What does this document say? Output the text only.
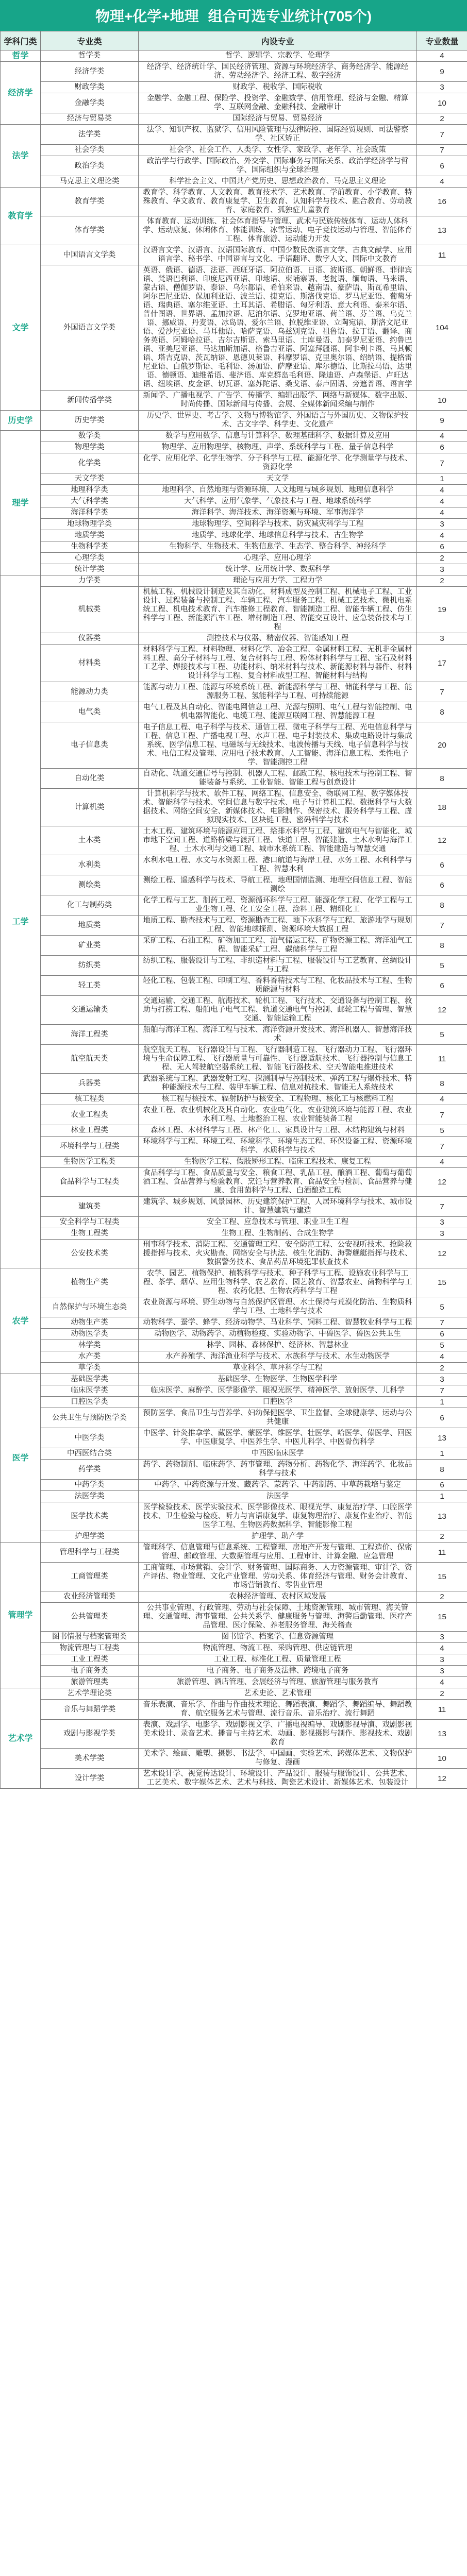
物理+化学+地理 组合可选专业统计(705个)
学科门类	专业类	内设专业	专业数量
哲学	哲学类	哲学、逻辑学、宗教学、伦理学	4
经济学	经济学类	经济学、经济统计学、国民经济管理、资源与环境经济学、商务经济学、能源经济、劳动经济学、经济工程、数字经济	9
	财政学类	财政学、税收学、国际税收	3
	金融学类	金融学、金融工程、保险学、投资学、金融数学、信用管理、经济与金融、精算学、互联网金融、金融科技、金融审计	10
	经济与贸易类	国际经济与贸易、贸易经济	2
法学	法学类	法学、知识产权、监狱学、信用风险管理与法律防控、国际经贸规则、司法警察学、社区矫正	7
	社会学类	社会学、社会工作、人类学、女性学、家政学、老年学、社会政策	7
	政治学类	政治学与行政学、国际政治、外交学、国际事务与国际关系、政治学经济学与哲学、国际组织与全球治理	6
	马克思主义理论类	科学社会主义、中国共产党历史、思想政治教育、马克思主义理论	4
教育学	教育学类	教育学、科学教育、人文教育、教育技术学、艺术教育、学前教育、小学教育、特殊教育、华文教育、教育康复学、卫生教育、认知科学与技术、融合教育、劳动教育、家庭教育、孤独症儿童教育	16
	体育学类	体育教育、运动训练、社会体育指导与管理、武术与民族传统体育、运动人体科学、运动康复、休闲体育、体能训练、冰雪运动、电子竞技运动与管理、智能体育工程、体育旅游、运动能力开发	13
文学	中国语言文学类	汉语言文学、汉语言、汉语国际教育、中国少数民族语言文学、古典文献学、应用语言学、秘书学、中国语言与文化、手语翻译、数字人文、国际中文教育	11
	外国语言文学类	英语、俄语、德语、法语、西班牙语、阿拉伯语、日语、波斯语、朝鲜语、菲律宾语、梵语巴利语、印度尼西亚语、印地语、柬埔寨语、老挝语、缅甸语、马来语、蒙古语、僧伽罗语、泰语、乌尔都语、希伯来语、越南语、豪萨语、斯瓦希里语、阿尔巴尼亚语、保加利亚语、波兰语、捷克语、斯洛伐克语、罗马尼亚语、葡萄牙语、瑞典语、塞尔维亚语、土耳其语、希腊语、匈牙利语、意大利语、泰米尔语、普什图语、世界语、孟加拉语、尼泊尔语、克罗地亚语、荷兰语、芬兰语、乌克兰语、挪威语、丹麦语、冰岛语、爱尔兰语、拉脱维亚语、立陶宛语、斯洛文尼亚语、爱沙尼亚语、马耳他语、哈萨克语、乌兹别克语、祖鲁语、拉丁语、翻译、商务英语、阿姆哈拉语、吉尔吉斯语、索马里语、土库曼语、加泰罗尼亚语、约鲁巴语、亚美尼亚语、马达加斯加语、格鲁吉亚语、阿塞拜疆语、阿非利卡语、马其顿语、塔吉克语、茨瓦纳语、恩德贝莱语、科摩罗语、克里奥尔语、绍纳语、提格雷尼亚语、白俄罗斯语、毛利语、汤加语、萨摩亚语、库尔德语、比斯拉马语、达里语、德顿语、迪维希语、斐济语、库克群岛毛利语、隆迪语、卢森堡语、卢旺达语、纽埃语、皮金语、切瓦语、塞苏陀语、桑戈语、泰卢固语、旁遮普语、语言学	104
	新闻传播学类	新闻学、广播电视学、广告学、传播学、编辑出版学、网络与新媒体、数字出版、时尚传播、国际新闻与传播、会展、全媒体新闻采编与制作	10
历史学	历史学类	历史学、世界史、考古学、文物与博物馆学、外国语言与外国历史、文物保护技术、古文字学、科学史、文化遗产	9
理学	数学类	数学与应用数学、信息与计算科学、数理基础科学、数据计算及应用	4
	物理学类	物理学、应用物理学、核物理、声学、系统科学与工程、量子信息科学	6
	化学类	化学、应用化学、化学生物学、分子科学与工程、能源化学、化学测量学与技术、资源化学	7
	天文学类	天文学	1
	地理科学类	地理科学、自然地理与资源环境、人文地理与城乡规划、地理信息科学	4
	大气科学类	大气科学、应用气象学、气象技术与工程、地球系统科学	4
	海洋科学类	海洋科学、海洋技术、海洋资源与环境、军事海洋学	4
	地球物理学类	地球物理学、空间科学与技术、防灾减灾科学与工程	3
	地质学类	地质学、地球化学、地球信息科学与技术、古生物学	4
	生物科学类	生物科学、生物技术、生物信息学、生态学、整合科学、神经科学	6
	心理学类	心理学、应用心理学	2
	统计学类	统计学、应用统计学、数据科学	3
工学	力学类	理论与应用力学、工程力学	2
	机械类	机械工程、机械设计制造及其自动化、材料成型及控制工程、机械电子工程、工业设计、过程装备与控制工程、车辆工程、汽车服务工程、机械工艺技术、微机电系统工程、机电技术教育、汽车维修工程教育、智能制造工程、智能车辆工程、仿生科学与工程、新能源汽车工程、增材制造工程、智能交互设计、应急装备技术与工程	19
	仪器类	测控技术与仪器、精密仪器、智能感知工程	3
	材料类	材料科学与工程、材料物理、材料化学、冶金工程、金属材料工程、无机非金属材料工程、高分子材料与工程、复合材料与工程、粉体材料科学与工程、宝石及材料工艺学、焊接技术与工程、功能材料、纳米材料与技术、新能源材料与器件、材料设计科学与工程、复合材料成型工程、智能材料与结构	17
	能源动力类	能源与动力工程、能源与环境系统工程、新能源科学与工程、储能科学与工程、能源服务工程、氢能科学与工程、可持续能源	7
	电气类	电气工程及其自动化、智能电网信息工程、光源与照明、电气工程与智能控制、电机电器智能化、电缆工程、能源互联网工程、智慧能源工程	8
	电子信息类	电子信息工程、电子科学与技术、通信工程、微电子科学与工程、光电信息科学与工程、信息工程、广播电视工程、水声工程、电子封装技术、集成电路设计与集成系统、医学信息工程、电磁场与无线技术、电波传播与天线、电子信息科学与技术、电信工程及管理、应用电子技术教育、人工智能、海洋信息工程、柔性电子学、智能测控工程	20
	自动化类	自动化、轨道交通信号与控制、机器人工程、邮政工程、核电技术与控制工程、智能装备与系统、工业智能、智能工程与创意设计	8
	计算机类	计算机科学与技术、软件工程、网络工程、信息安全、物联网工程、数字媒体技术、智能科学与技术、空间信息与数字技术、电子与计算机工程、数据科学与大数据技术、网络空间安全、新媒体技术、电影制作、保密技术、服务科学与工程、虚拟现实技术、区块链工程、密码科学与技术	18
	土木类	土木工程、建筑环境与能源应用工程、给排水科学与工程、建筑电气与智能化、城市地下空间工程、道路桥梁与渡河工程、铁道工程、智能建造、土木水利与海洋工程、土木水利与交通工程、城市水系统工程、智能建造与智慧交通	12
	水利类	水利水电工程、水文与水资源工程、港口航道与海岸工程、水务工程、水利科学与工程、智慧水利	6
	测绘类	测绘工程、遥感科学与技术、导航工程、地理国情监测、地理空间信息工程、智能测绘	6
	化工与制药类	化学工程与工艺、制药工程、资源循环科学与工程、能源化学工程、化学工程与工业生物工程、化工安全工程、涂料工程、精细化工	8
	地质类	地质工程、勘查技术与工程、资源勘查工程、地下水科学与工程、旅游地学与规划工程、智能地球探测、资源环境大数据工程	7
	矿业类	采矿工程、石油工程、矿物加工工程、油气储运工程、矿物资源工程、海洋油气工程、智能采矿工程、碳储科学与工程	8
	纺织类	纺织工程、服装设计与工程、非织造材料与工程、服装设计与工艺教育、丝绸设计与工程	5
	轻工类	轻化工程、包装工程、印刷工程、香料香精技术与工程、化妆品技术与工程、生物质能源与材料	6
	交通运输类	交通运输、交通工程、航海技术、轮机工程、飞行技术、交通设备与控制工程、救助与打捞工程、船舶电子电气工程、轨道交通电气与控制、邮轮工程与管理、智慧交通、智能运输工程	12
	海洋工程类	船舶与海洋工程、海洋工程与技术、海洋资源开发技术、海洋机器人、智慧海洋技术	5
	航空航天类	航空航天工程、飞行器设计与工程、飞行器制造工程、飞行器动力工程、飞行器环境与生命保障工程、飞行器质量与可靠性、飞行器适航技术、飞行器控制与信息工程、无人驾驶航空器系统工程、智能飞行器技术、空天智能电推进技术	11
	兵器类	武器系统与工程、武器发射工程、探测制导与控制技术、弹药工程与爆炸技术、特种能源技术与工程、装甲车辆工程、信息对抗技术、智能无人系统技术	8
	核工程类	核工程与核技术、辐射防护与核安全、工程物理、核化工与核燃料工程	4
	农业工程类	农业工程、农业机械化及其自动化、农业电气化、农业建筑环境与能源工程、农业水利工程、土地整治工程、农业智能装备工程	7
	林业工程类	森林工程、木材科学与工程、林产化工、家具设计与工程、木结构建筑与材料	5
	环境科学与工程类	环境科学与工程、环境工程、环境科学、环境生态工程、环保设备工程、资源环境科学、水质科学与技术	7
	生物医学工程类	生物医学工程、假肢矫形工程、临床工程技术、康复工程	4
	食品科学与工程类	食品科学与工程、食品质量与安全、粮食工程、乳品工程、酿酒工程、葡萄与葡萄酒工程、食品营养与检验教育、烹饪与营养教育、食品安全与检测、食品营养与健康、食用菌科学与工程、白酒酿造工程	12
	建筑类	建筑学、城乡规划、风景园林、历史建筑保护工程、人居环境科学与技术、城市设计、智慧建筑与建造	7
	安全科学与工程类	安全工程、应急技术与管理、职业卫生工程	3
	生物工程类	生物工程、生物制药、合成生物学	3
	公安技术类	刑事科学技术、消防工程、交通管理工程、安全防范工程、公安视听技术、抢险救援指挥与技术、火灾勘查、网络安全与执法、核生化消防、海警舰艇指挥与技术、数据警务技术、食品药品环境犯罪侦查技术	12
农学	植物生产类	农学、园艺、植物保护、植物科学与技术、种子科学与工程、设施农业科学与工程、茶学、烟草、应用生物科学、农艺教育、园艺教育、智慧农业、菌物科学与工程、农药化肥、生物农药科学与工程	15
	自然保护与环境生态类	农业资源与环境、野生动物与自然保护区管理、水土保持与荒漠化防治、生物质科学与工程、土地科学与技术	5
	动物生产类	动物科学、蚕学、蜂学、经济动物学、马业科学、饲料工程、智慧牧业科学与工程	7
	动物医学类	动物医学、动物药学、动植物检疫、实验动物学、中兽医学、兽医公共卫生	6
	林学类	林学、园林、森林保护、经济林、智慧林业	5
	水产类	水产养殖学、海洋渔业科学与技术、水族科学与技术、水生动物医学	4
	草学类	草业科学、草坪科学与工程	2
医学	基础医学类	基础医学、生物医学、生物医学科学	3
	临床医学类	临床医学、麻醉学、医学影像学、眼视光医学、精神医学、放射医学、儿科学	7
	口腔医学类	口腔医学	1
	公共卫生与预防医学类	预防医学、食品卫生与营养学、妇幼保健医学、卫生监督、全球健康学、运动与公共健康	6
	中医学类	中医学、针灸推拿学、藏医学、蒙医学、维医学、壮医学、哈医学、傣医学、回医学、中医康复学、中医养生学、中医儿科学、中医骨伤科学	13
	中西医结合类	中西医临床医学	1
	药学类	药学、药物制剂、临床药学、药事管理、药物分析、药物化学、海洋药学、化妆品科学与技术	8
	中药学类	中药学、中药资源与开发、藏药学、蒙药学、中药制药、中草药栽培与鉴定	6
	法医学类	法医学	1
	医学技术类	医学检验技术、医学实验技术、医学影像技术、眼视光学、康复治疗学、口腔医学技术、卫生检验与检疫、听力与言语康复学、康复物理治疗、康复作业治疗、智能医学工程、生物医药数据科学、智能影像工程	13
	护理学类	护理学、助产学	2
管理学	管理科学与工程类	管理科学、信息管理与信息系统、工程管理、房地产开发与管理、工程造价、保密管理、邮政管理、大数据管理与应用、工程审计、计算金融、应急管理	11
	工商管理类	工商管理、市场营销、会计学、财务管理、国际商务、人力资源管理、审计学、资产评估、物业管理、文化产业管理、劳动关系、体育经济与管理、财务会计教育、市场营销教育、零售业管理	15
	农业经济管理类	农林经济管理、农村区域发展	2
	公共管理类	公共事业管理、行政管理、劳动与社会保障、土地资源管理、城市管理、海关管理、交通管理、海事管理、公共关系学、健康服务与管理、海警后勤管理、医疗产品管理、医疗保险、养老服务管理、海关稽查	15
	图书情报与档案管理类	图书馆学、档案学、信息资源管理	3
	物流管理与工程类	物流管理、物流工程、采购管理、供应链管理	4
	工业工程类	工业工程、标准化工程、质量管理工程	3
	电子商务类	电子商务、电子商务及法律、跨境电子商务	3
	旅游管理类	旅游管理、酒店管理、会展经济与管理、旅游管理与服务教育	4
艺术学	艺术学理论类	艺术史论、艺术管理	2
	音乐与舞蹈学类	音乐表演、音乐学、作曲与作曲技术理论、舞蹈表演、舞蹈学、舞蹈编导、舞蹈教育、航空服务艺术与管理、流行音乐、音乐治疗、流行舞蹈	11
	戏剧与影视学类	表演、戏剧学、电影学、戏剧影视文学、广播电视编导、戏剧影视导演、戏剧影视美术设计、录音艺术、播音与主持艺术、动画、影视摄影与制作、影视技术、戏剧教育	13
	美术学类	美术学、绘画、雕塑、摄影、书法学、中国画、实验艺术、跨媒体艺术、文物保护与修复、漫画	10
	设计学类	艺术设计学、视觉传达设计、环境设计、产品设计、服装与服饰设计、公共艺术、工艺美术、数字媒体艺术、艺术与科技、陶瓷艺术设计、新媒体艺术、包装设计	12
